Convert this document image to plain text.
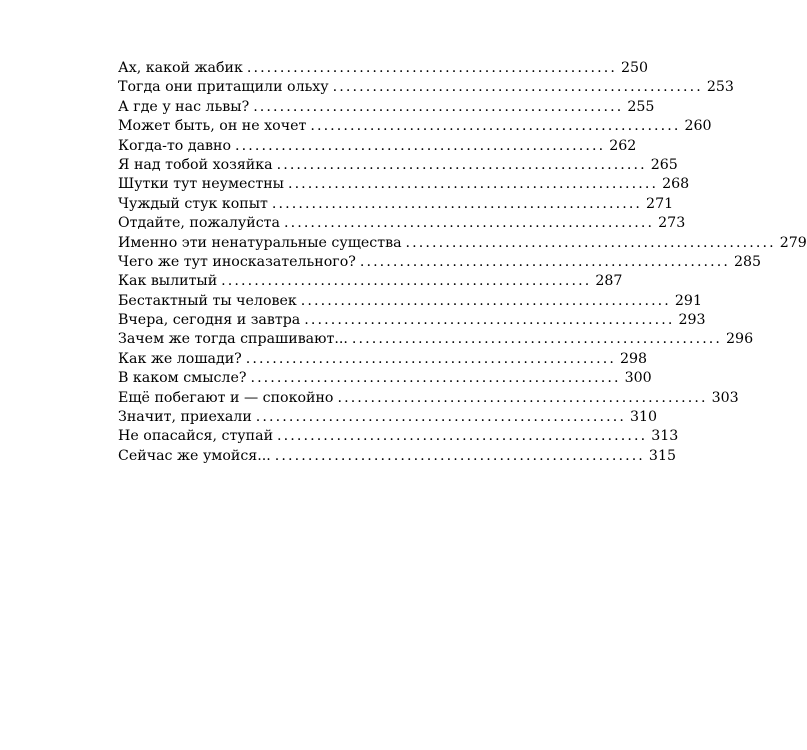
Ах, какой жабик ........................................................ 250
Тогда они притащили ольху ........................................................ 253
А где у нас львы? ........................................................ 255
Может быть, он не хочет ........................................................ 260
Когда-то давно ........................................................ 262
Я над тобой хозяйка ........................................................ 265
Шутки тут неуместны ........................................................ 268
Чуждый стук копыт ........................................................ 271
Отдайте, пожалуйста ........................................................ 273
Именно эти ненатуральные существа ........................................................ 279
Чего же тут иносказательного? ........................................................ 285
Как вылитый ........................................................ 287
Бестактный ты человек ........................................................ 291
Вчера, сегодня и завтра ........................................................ 293
Зачем же тогда спрашивают... ........................................................ 296
Как же лошади? ........................................................ 298
В каком смысле? ........................................................ 300
Ещё побегают и — спокойно ........................................................ 303
Значит, приехали ........................................................ 310
Не опасайся, ступай ........................................................ 313
Сейчас же умойся... ........................................................ 315
